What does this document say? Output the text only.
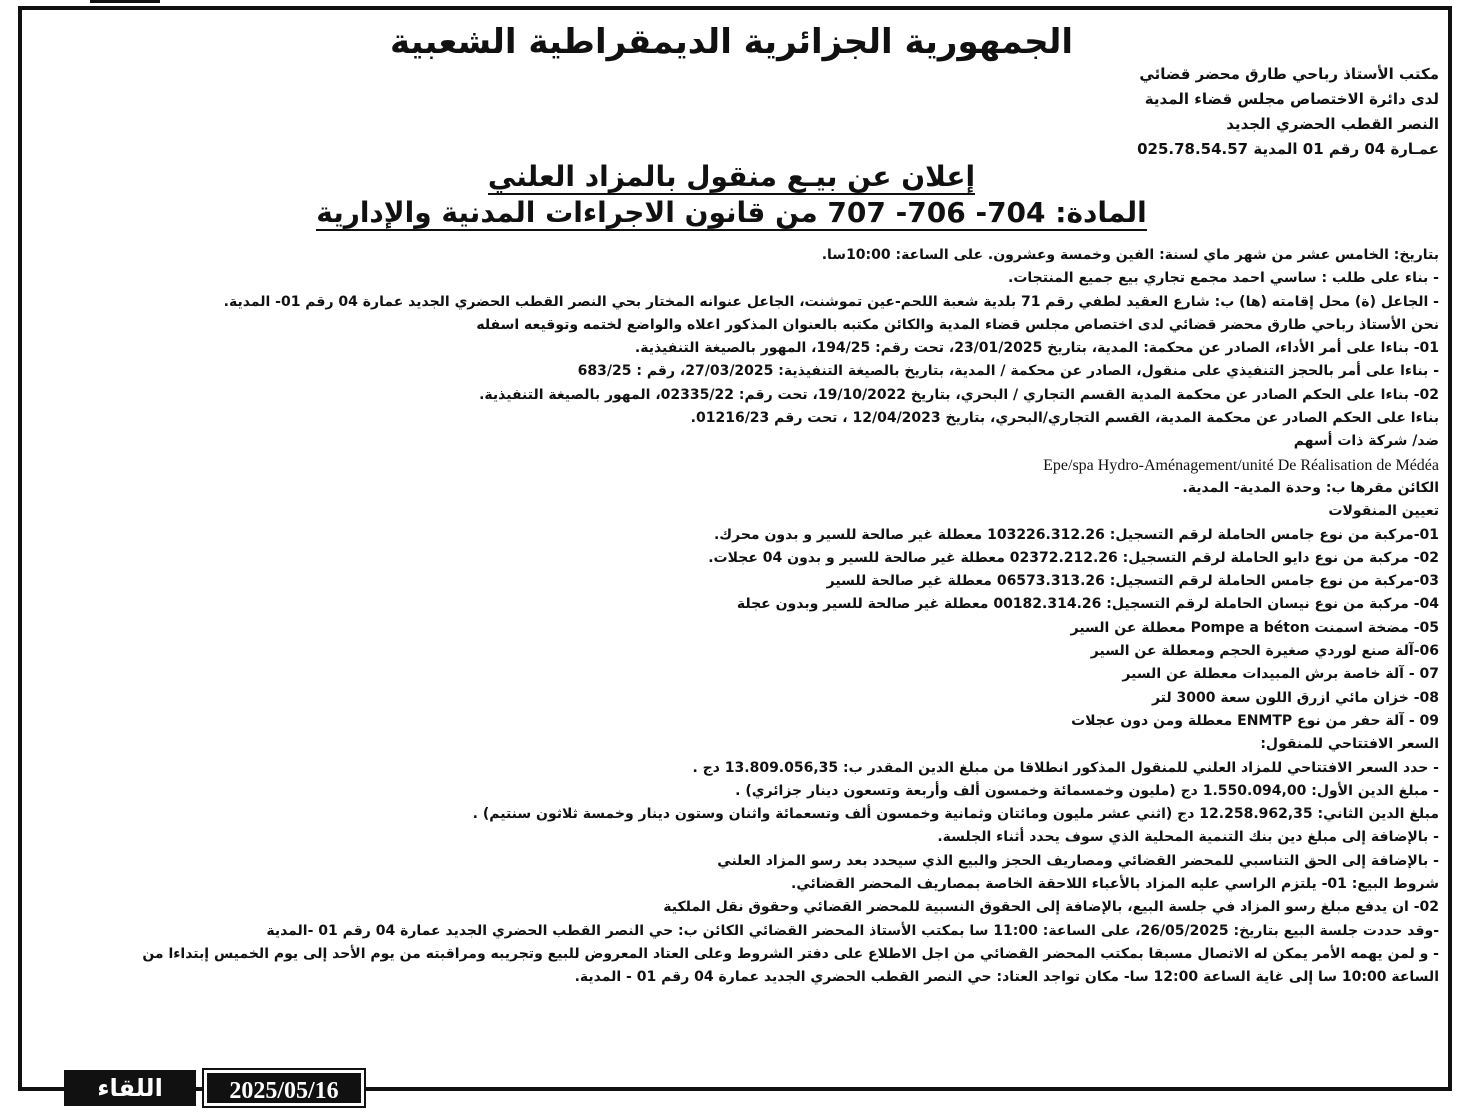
الجمهورية الجزائرية الديمقراطية الشعبية
مكتب الأستاذ رباحي طارق محضر قضائي
لدى دائرة الاختصاص مجلس قضاء المدية
النصر القطب الحضري الجديد
عمـارة 04 رقم 01 المدية 025.78.54.57
إعلان عن بيـع منقول بالمزاد العلني
المادة: 704- 706- 707 من قانون الاجراءات المدنية والإدارية
بتاريخ: الخامس عشر من شهر ماي لسنة: الفين وخمسة وعشرون. على الساعة: 10:00سا.
- بناء على طلب : ساسي احمد مجمع تجاري بيع جميع المنتجات.
- الجاعل (ة) محل إقامته (ها) ب: شارع العقيد لطفي رقم 71 بلدية شعبة اللحم-عين تموشنت، الجاعل عنوانه المختار بحي النصر القطب الحضري الجديد عمارة 04 رقم 01- المدية.
نحن الأستاذ رباحي طارق محضر قضائي لدى اختصاص مجلس قضاء المدية والكائن مكتبه بالعنوان المذكور اعلاه والواضع لختمه وتوقيعه اسفله
01- بناءا على أمر الأداء، الصادر عن محكمة: المدية، بتاريخ 23/01/2025، تحت رقم: 194/25، المهور بالصيغة التنفيذية.
- بناءا على أمر بالحجز التنفيذي على منقول، الصادر عن محكمة / المدية، بتاريخ بالصيغة التنفيذية: 27/03/2025، رقم : 683/25
02- بناءا على الحكم الصادر عن محكمة المدية القسم التجاري / البحري، بتاريخ 19/10/2022، تحت رقم: 02335/22، المهور بالصيغة التنفيذية.
بناءا على الحكم الصادر عن محكمة المدية، القسم التجاري/البحري، بتاريخ 12/04/2023 ، تحت رقم 01216/23.
ضد/ شركة ذات أسهم
Epe/spa Hydro-Aménagement/unité De Réalisation de Médéa
الكائن مقرها ب: وحدة المدية- المدية.
تعيين المنقولات
01-مركبة من نوع جامس الحاملة لرقم التسجيل: 103226.312.26 معطلة غير صالحة للسير و بدون محرك.
02- مركبة من نوع دايو الحاملة لرقم التسجيل: 02372.212.26 معطلة غير صالحة للسير و بدون 04 عجلات.
03-مركبة من نوع جامس الحاملة لرقم التسجيل: 06573.313.26 معطلة غير صالحة للسير
04- مركبة من نوع نيسان الحاملة لرقم التسجيل: 00182.314.26 معطلة غير صالحة للسير وبدون عجلة
05- مضخة اسمنت Pompe a béton معطلة عن السير
06-آلة صنع لوردي صغيرة الحجم ومعطلة عن السير
07 - آلة خاصة برش المبيدات معطلة عن السير
08- خزان مائي ازرق اللون سعة 3000 لتر
09 - آلة حفر من نوع ENMTP معطلة ومن دون عجلات
السعر الافتتاحي للمنقول:
- حدد السعر الافتتاحي للمزاد العلني للمنقول المذكور انطلاقا من مبلغ الدين المقدر ب: 13.809.056,35 دج .
- مبلغ الدين الأول: 1.550.094,00 دج (مليون وخمسمائة وخمسون ألف وأربعة وتسعون دينار جزائري) .
مبلغ الدين الثاني: 12.258.962,35 دج (اثني عشر مليون ومائتان وثمانية وخمسون ألف وتسعمائة واثنان وستون دينار وخمسة ثلاثون سنتيم) .
- بالإضافة إلى مبلغ دين بنك التنمية المحلية الذي سوف يحدد أثناء الجلسة.
- بالإضافة إلى الحق التناسبي للمحضر القضائي ومصاريف الحجز والبيع الذي سيحدد بعد رسو المزاد العلني
شروط البيع: 01- يلتزم الراسي عليه المزاد بالأعباء اللاحقة الخاصة بمصاريف المحضر القضائي.
02- ان يدفع مبلغ رسو المزاد في جلسة البيع، بالإضافة إلى الحقوق النسبية للمحضر القضائي وحقوق نقل الملكية
-وقد حددت جلسة البيع بتاريخ: 26/05/2025، على الساعة: 11:00 سا بمكتب الأستاذ المحضر القضائي الكائن ب: حي النصر القطب الحضري الجديد عمارة 04 رقم 01 -المدية
- و لمن يهمه الأمر يمكن له الاتصال مسبقا بمكتب المحضر القضائي من اجل الاطلاع على دفتر الشروط وعلى العتاد المعروض للبيع وتجريبه ومراقبته من يوم الأحد إلى يوم الخميس إبتداءا من
الساعة 10:00 سا إلى غاية الساعة 12:00 سا- مكان تواجد العتاد: حي النصر القطب الحضري الجديد عمارة 04 رقم 01 - المدية.
اللقاء	2025/05/16
